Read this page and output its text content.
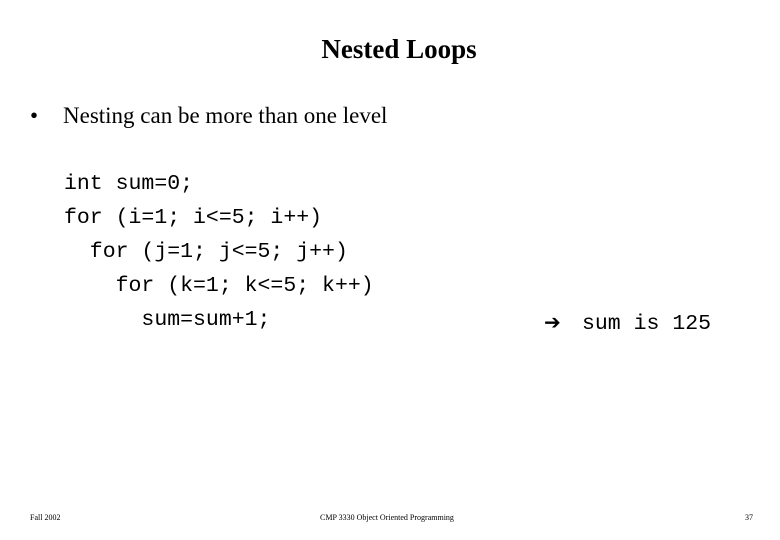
Nested Loops
• Nesting can be more than one level
int sum=0;
for (i=1; i<=5; i++)
for (j=1; j<=5; j++)
for (k=1; k<=5; k++)
sum=sum+1;	➔ sum is 125
Fall 2002	CMP 3330 Object Oriented Programming	37
